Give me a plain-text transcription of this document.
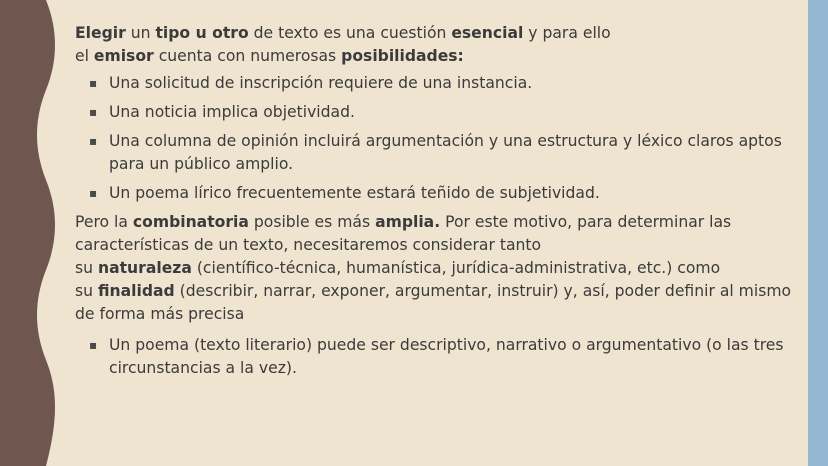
Elegir un tipo u otro de texto es una cuestión esencial y para ello

el emisor cuenta con numerosas posibilidades:

▪ Una solicitud de inscripción requiere de una instancia.
▪ Una noticia implica objetividad.
▪ Una columna de opinión incluirá argumentación y una estructura y léxico claros aptos para un público amplio.
▪ Un poema lírico frecuentemente estará teñido de subjetividad.

Pero la combinatoria posible es más amplia. Por este motivo, para determinar las características de un texto, necesitaremos considerar tanto

su naturaleza (científico-técnica, humanística, jurídica-administrativa, etc.) como

su finalidad (describir, narrar, exponer, argumentar, instruir) y, así, poder definir al mismo de forma más precisa

▪ Un poema (texto literario) puede ser descriptivo, narrativo o argumentativo (o las tres circunstancias a la vez).
